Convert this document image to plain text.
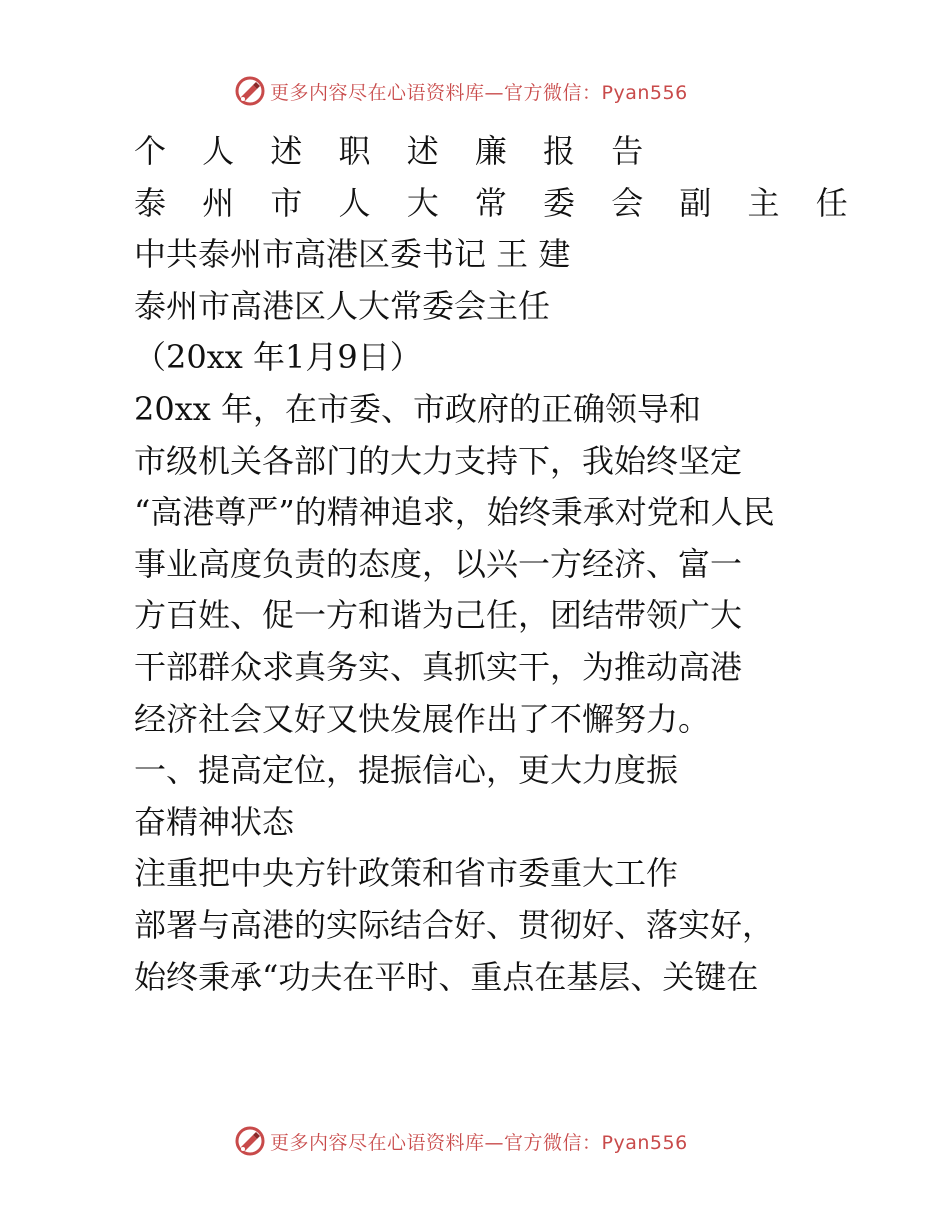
更多内容尽在心语资料库—官方微信：Pyan556
个 人 述 职 述 廉 报 告
泰 州 市 人 大 常 委 会 副 主 任
中共泰州市高港区委书记 王 建
泰州市高港区人大常委会主任
（20xx 年1月9日）
20xx 年，在市委、市政府的正确领导和
市级机关各部门的大力支持下，我始终坚定
“高港尊严”的精神追求，始终秉承对党和人民
事业高度负责的态度，以兴一方经济、富一
方百姓、促一方和谐为己任，团结带领广大
干部群众求真务实、真抓实干，为推动高港
经济社会又好又快发展作出了不懈努力。
一、提高定位，提振信心，更大力度振
奋精神状态
注重把中央方针政策和省市委重大工作
部署与高港的实际结合好、贯彻好、落实好，
始终秉承“功夫在平时、重点在基层、关键在
更多内容尽在心语资料库—官方微信：Pyan556
